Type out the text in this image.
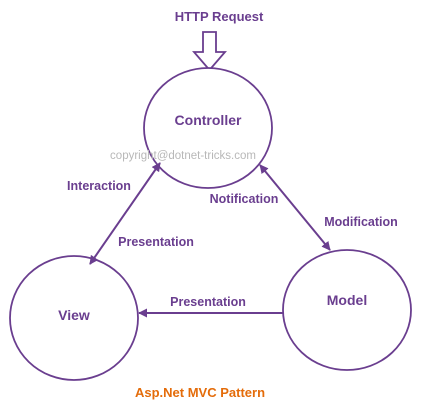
HTTP Request
Controller
View
Model
copyright@dotnet-tricks.com
Interaction
Presentation
Notification
Modification
Presentation
Asp.Net MVC Pattern
